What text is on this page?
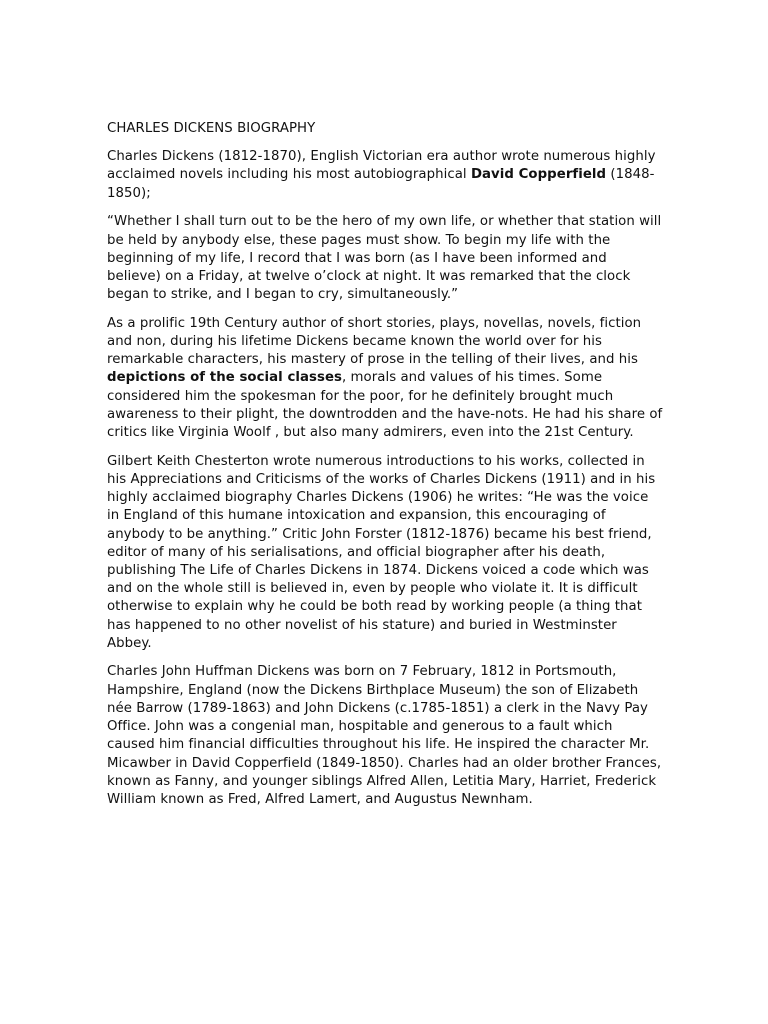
CHARLES DICKENS BIOGRAPHY

Charles Dickens (1812-1870), English Victorian era author wrote numerous highly acclaimed novels including his most autobiographical David Copperfield (1848-1850);

“Whether I shall turn out to be the hero of my own life, or whether that station will be held by anybody else, these pages must show. To begin my life with the beginning of my life, I record that I was born (as I have been informed and believe) on a Friday, at twelve o’clock at night. It was remarked that the clock began to strike, and I began to cry, simultaneously.”

As a prolific 19th Century author of short stories, plays, novellas, novels, fiction and non, during his lifetime Dickens became known the world over for his remarkable characters, his mastery of prose in the telling of their lives, and his depictions of the social classes, morals and values of his times. Some considered him the spokesman for the poor, for he definitely brought much awareness to their plight, the downtrodden and the have-nots. He had his share of critics like Virginia Woolf , but also many admirers, even into the 21st Century.

Gilbert Keith Chesterton wrote numerous introductions to his works, collected in his Appreciations and Criticisms of the works of Charles Dickens (1911) and in his highly acclaimed biography Charles Dickens (1906) he writes: “He was the voice in England of this humane intoxication and expansion, this encouraging of anybody to be anything.” Critic John Forster (1812-1876) became his best friend, editor of many of his serialisations, and official biographer after his death, publishing The Life of Charles Dickens in 1874. Dickens voiced a code which was and on the whole still is believed in, even by people who violate it. It is difficult otherwise to explain why he could be both read by working people (a thing that has happened to no other novelist of his stature) and buried in Westminster Abbey.

Charles John Huffman Dickens was born on 7 February, 1812 in Portsmouth, Hampshire, England (now the Dickens Birthplace Museum) the son of Elizabeth née Barrow (1789-1863) and John Dickens (c.1785-1851) a clerk in the Navy Pay Office. John was a congenial man, hospitable and generous to a fault which caused him financial difficulties throughout his life. He inspired the character Mr. Micawber in David Copperfield (1849-1850). Charles had an older brother Frances, known as Fanny, and younger siblings Alfred Allen, Letitia Mary, Harriet, Frederick William known as Fred, Alfred Lamert, and Augustus Newnham.
